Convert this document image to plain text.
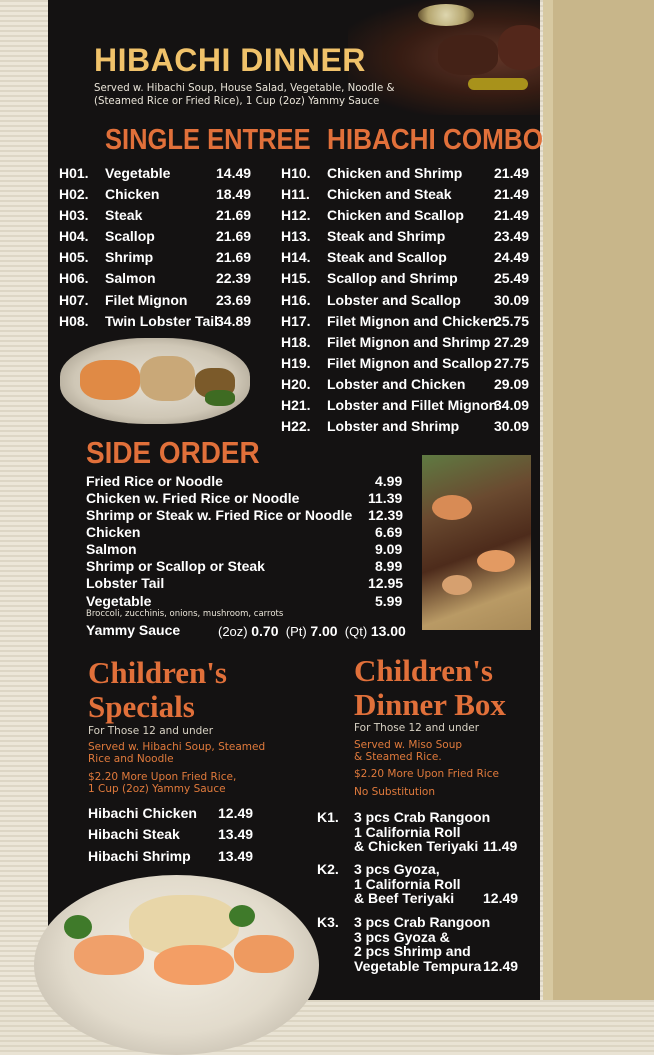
HIBACHI DINNER
Served w. Hibachi Soup, House Salad, Vegetable, Noodle & (Steamed Rice or Fried Rice), 1 Cup (2oz) Yammy Sauce
SINGLE ENTREE
H01. Vegetable	14.49
H02. Chicken	18.49
H03. Steak	21.69
H04. Scallop	21.69
H05. Shrimp	21.69
H06. Salmon	22.39
H07. Filet Mignon 23.69
H08. Twin Lobster Tail
34.89
HIBACHI COMBO
H10. Chicken and Shrimp 21.49
H11. Chicken and Steak	21.49
H12. Chicken and Scallop 21.49
H13. Steak and Shrimp	23.49
H14. Steak and Scallop	24.49
H15. Scallop and Shrimp	25.49
H16. Lobster and Scallop 30.09
H17. Filet Mignon and Chicken
25.75
H18. Filet Mignon and Shrimp 27.29
H19. Filet Mignon and Scallop 27.75
H20. Lobster and Chicken 29.09
H21. Lobster and Fillet Mignon
34.09
H22. Lobster and Shrimp 30.09
SIDE ORDER
Fried Rice or Noodle	4.99
Chicken w. Fried Rice or Noodle	11.39
Shrimp or Steak w. Fried Rice or Noodle 12.39
Chicken	6.69
Salmon	9.09
Shrimp or Scallop or Steak	8.99
Lobster Tail	12.95
Vegetable	5.99
Broccoli, zucchinis, onions, mushroom, carrots
Yammy Sauce	(2oz) 0.70 (Pt) 7.00 (Qt) 13.00
Children's
Specials
For Those 12 and under
Served w. Hibachi Soup, Steamed
Rice and Noodle
$2.20 More Upon Fried Rice,
1 Cup (2oz) Yammy Sauce
Hibachi Chicken 12.49
Hibachi Steak	13.49
Hibachi Shrimp 13.49
Children's
Dinner Box
For Those 12 and under
Served w. Miso Soup
& Steamed Rice.
$2.20 More Upon Fried Rice
No Substitution
K1. 3 pcs Crab Rangoon
1 California Roll
& Chicken Teriyaki 11.49
K2. 3 pcs Gyoza,
1 California Roll
& Beef Teriyaki	12.49
K3. 3 pcs Crab Rangoon
3 pcs Gyoza &
2 pcs Shrimp and
Vegetable Tempura 12.49
